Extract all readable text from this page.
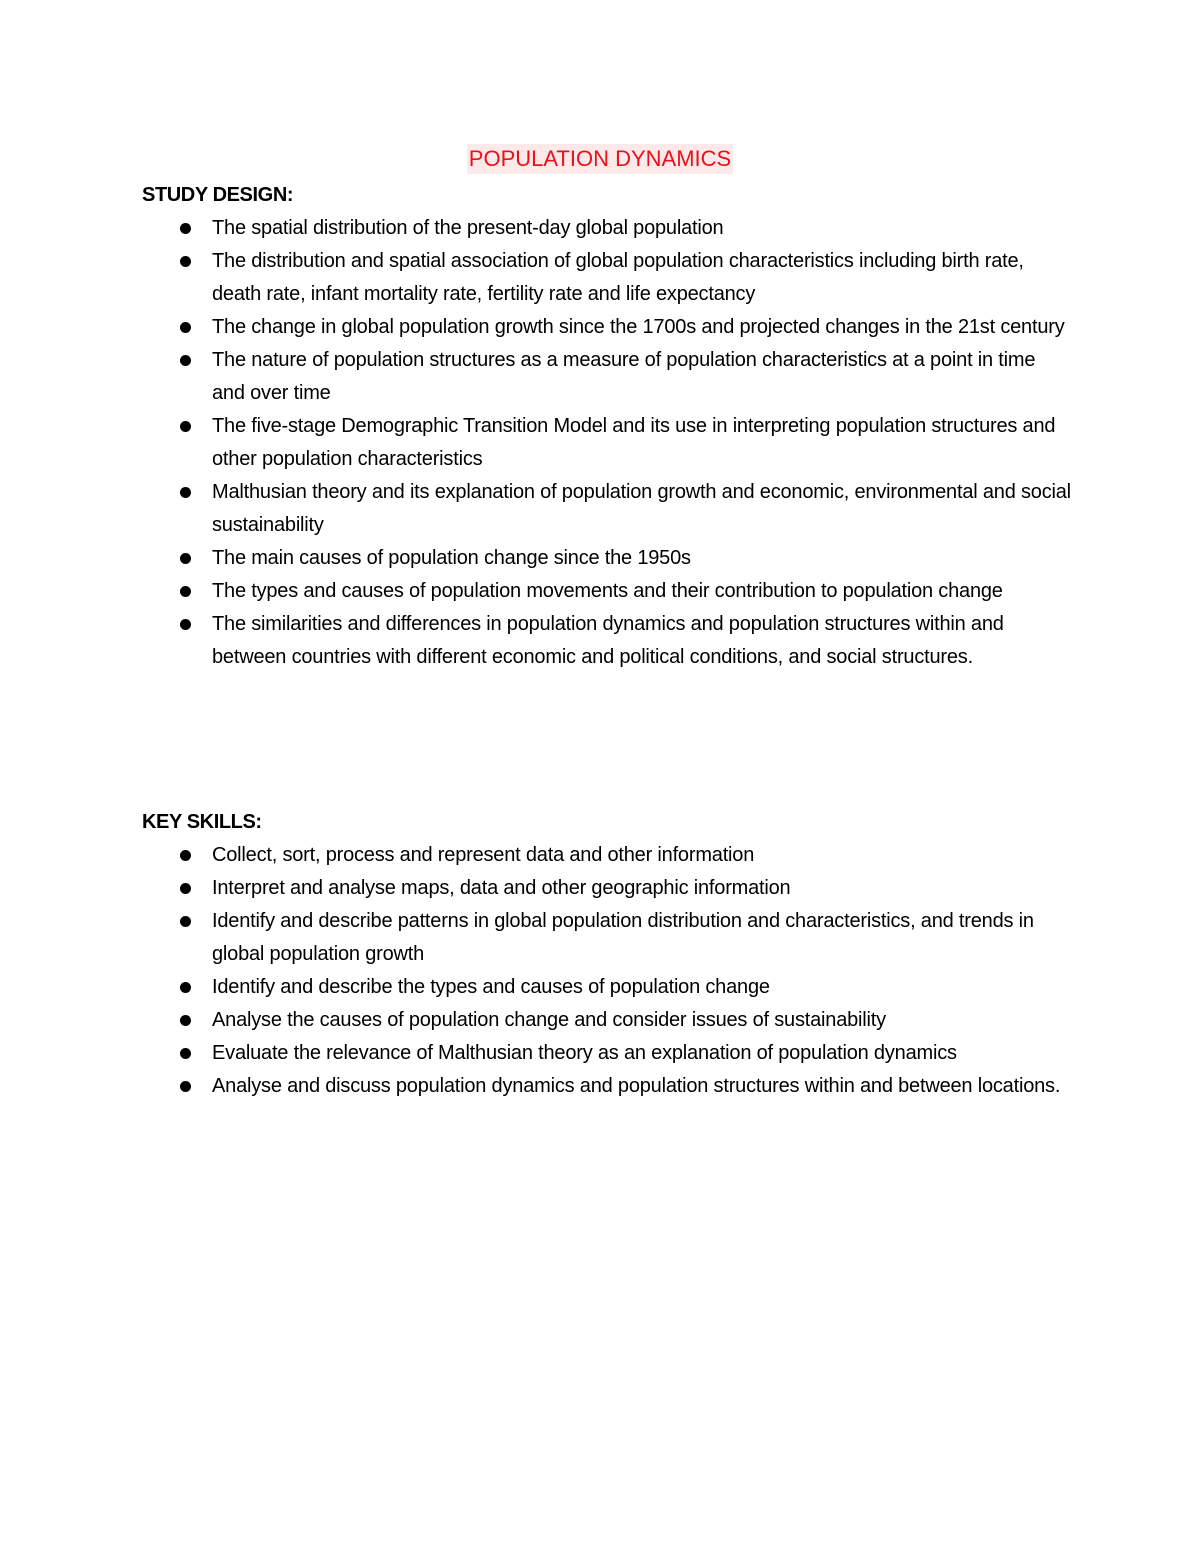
POPULATION DYNAMICS

STUDY DESIGN:

The spatial distribution of the present-day global population
The distribution and spatial association of global population characteristics including birth rate, death rate, infant mortality rate, fertility rate and life expectancy
The change in global population growth since the 1700s and projected changes in the 21st century
The nature of population structures as a measure of population characteristics at a point in time and over time
The five-stage Demographic Transition Model and its use in interpreting population structures and other population characteristics
Malthusian theory and its explanation of population growth and economic, environmental and social sustainability
The main causes of population change since the 1950s
The types and causes of population movements and their contribution to population change
The similarities and differences in population dynamics and population structures within and between countries with different economic and political conditions, and social structures.

KEY SKILLS:

Collect, sort, process and represent data and other information
Interpret and analyse maps, data and other geographic information
Identify and describe patterns in global population distribution and characteristics, and trends in global population growth
Identify and describe the types and causes of population change
Analyse the causes of population change and consider issues of sustainability
Evaluate the relevance of Malthusian theory as an explanation of population dynamics
Analyse and discuss population dynamics and population structures within and between locations.
